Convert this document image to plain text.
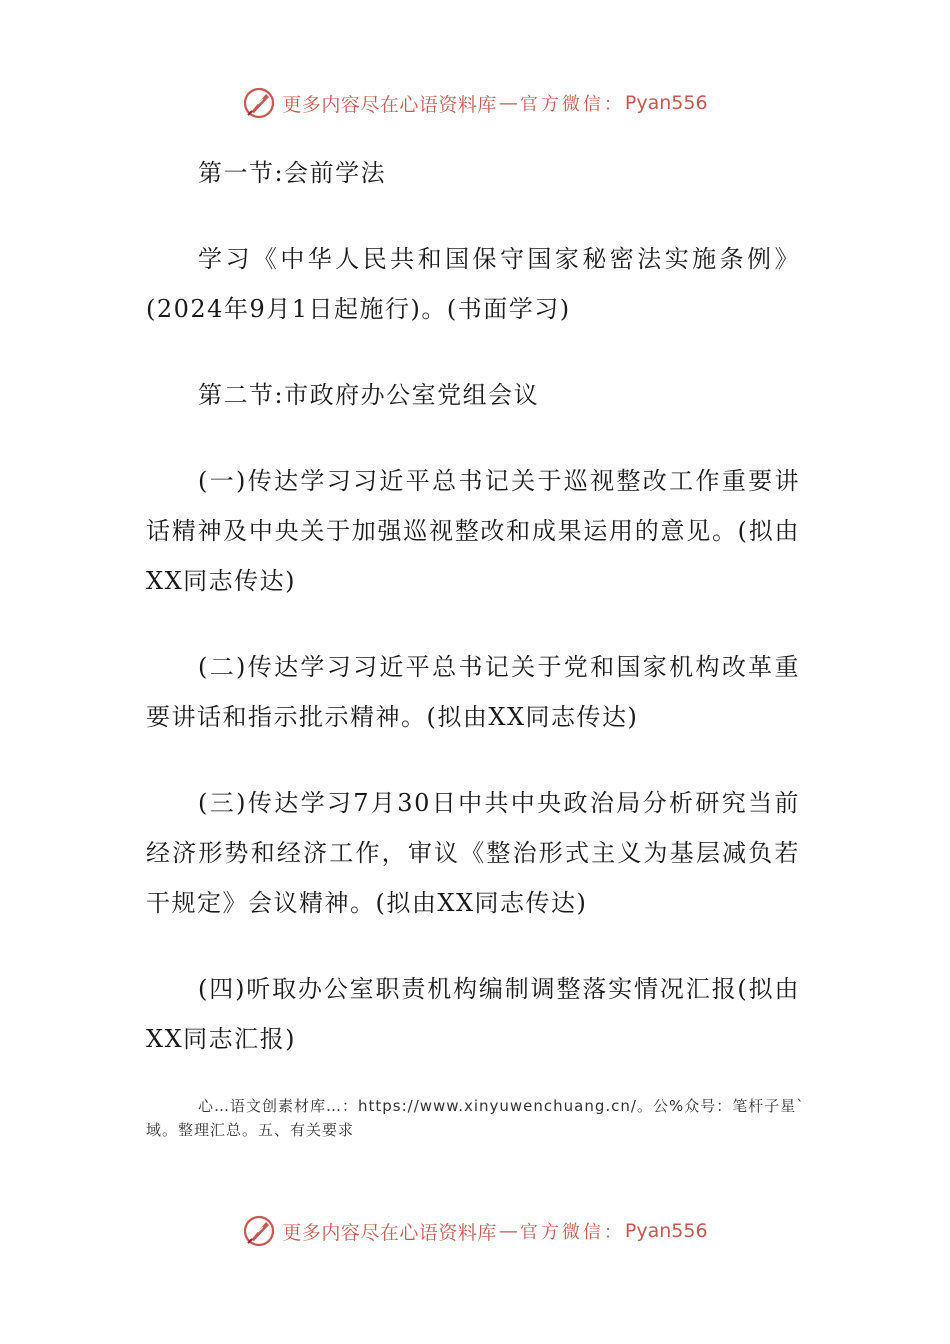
更多内容尽在心语资料库 — 官方微信： Pyan556

第一节:会前学法

学习《中华人民共和国保守国家秘密法实施条例》(2024年9月1日起施行)。(书面学习)

第二节:市政府办公室党组会议

(一)传达学习习近平总书记关于巡视整改工作重要讲话精神及中央关于加强巡视整改和成果运用的意见。(拟由XX同志传达)

(二)传达学习习近平总书记关于党和国家机构改革重要讲话和指示批示精神。(拟由XX同志传达)

(三)传达学习7月30日中共中央政治局分析研究当前经济形势和经济工作，审议《整治形式主义为基层减负若干规定》会议精神。(拟由XX同志传达)

(四)听取办公室职责机构编制调整落实情况汇报(拟由XX同志汇报)

心…语文创素材库…：https://www.xinyuwenchuang.cn/。公%众号：笔杆子星`域。整理汇总。五、有关要求
更多内容尽在心语资料库 — 官方微信： Pyan556
